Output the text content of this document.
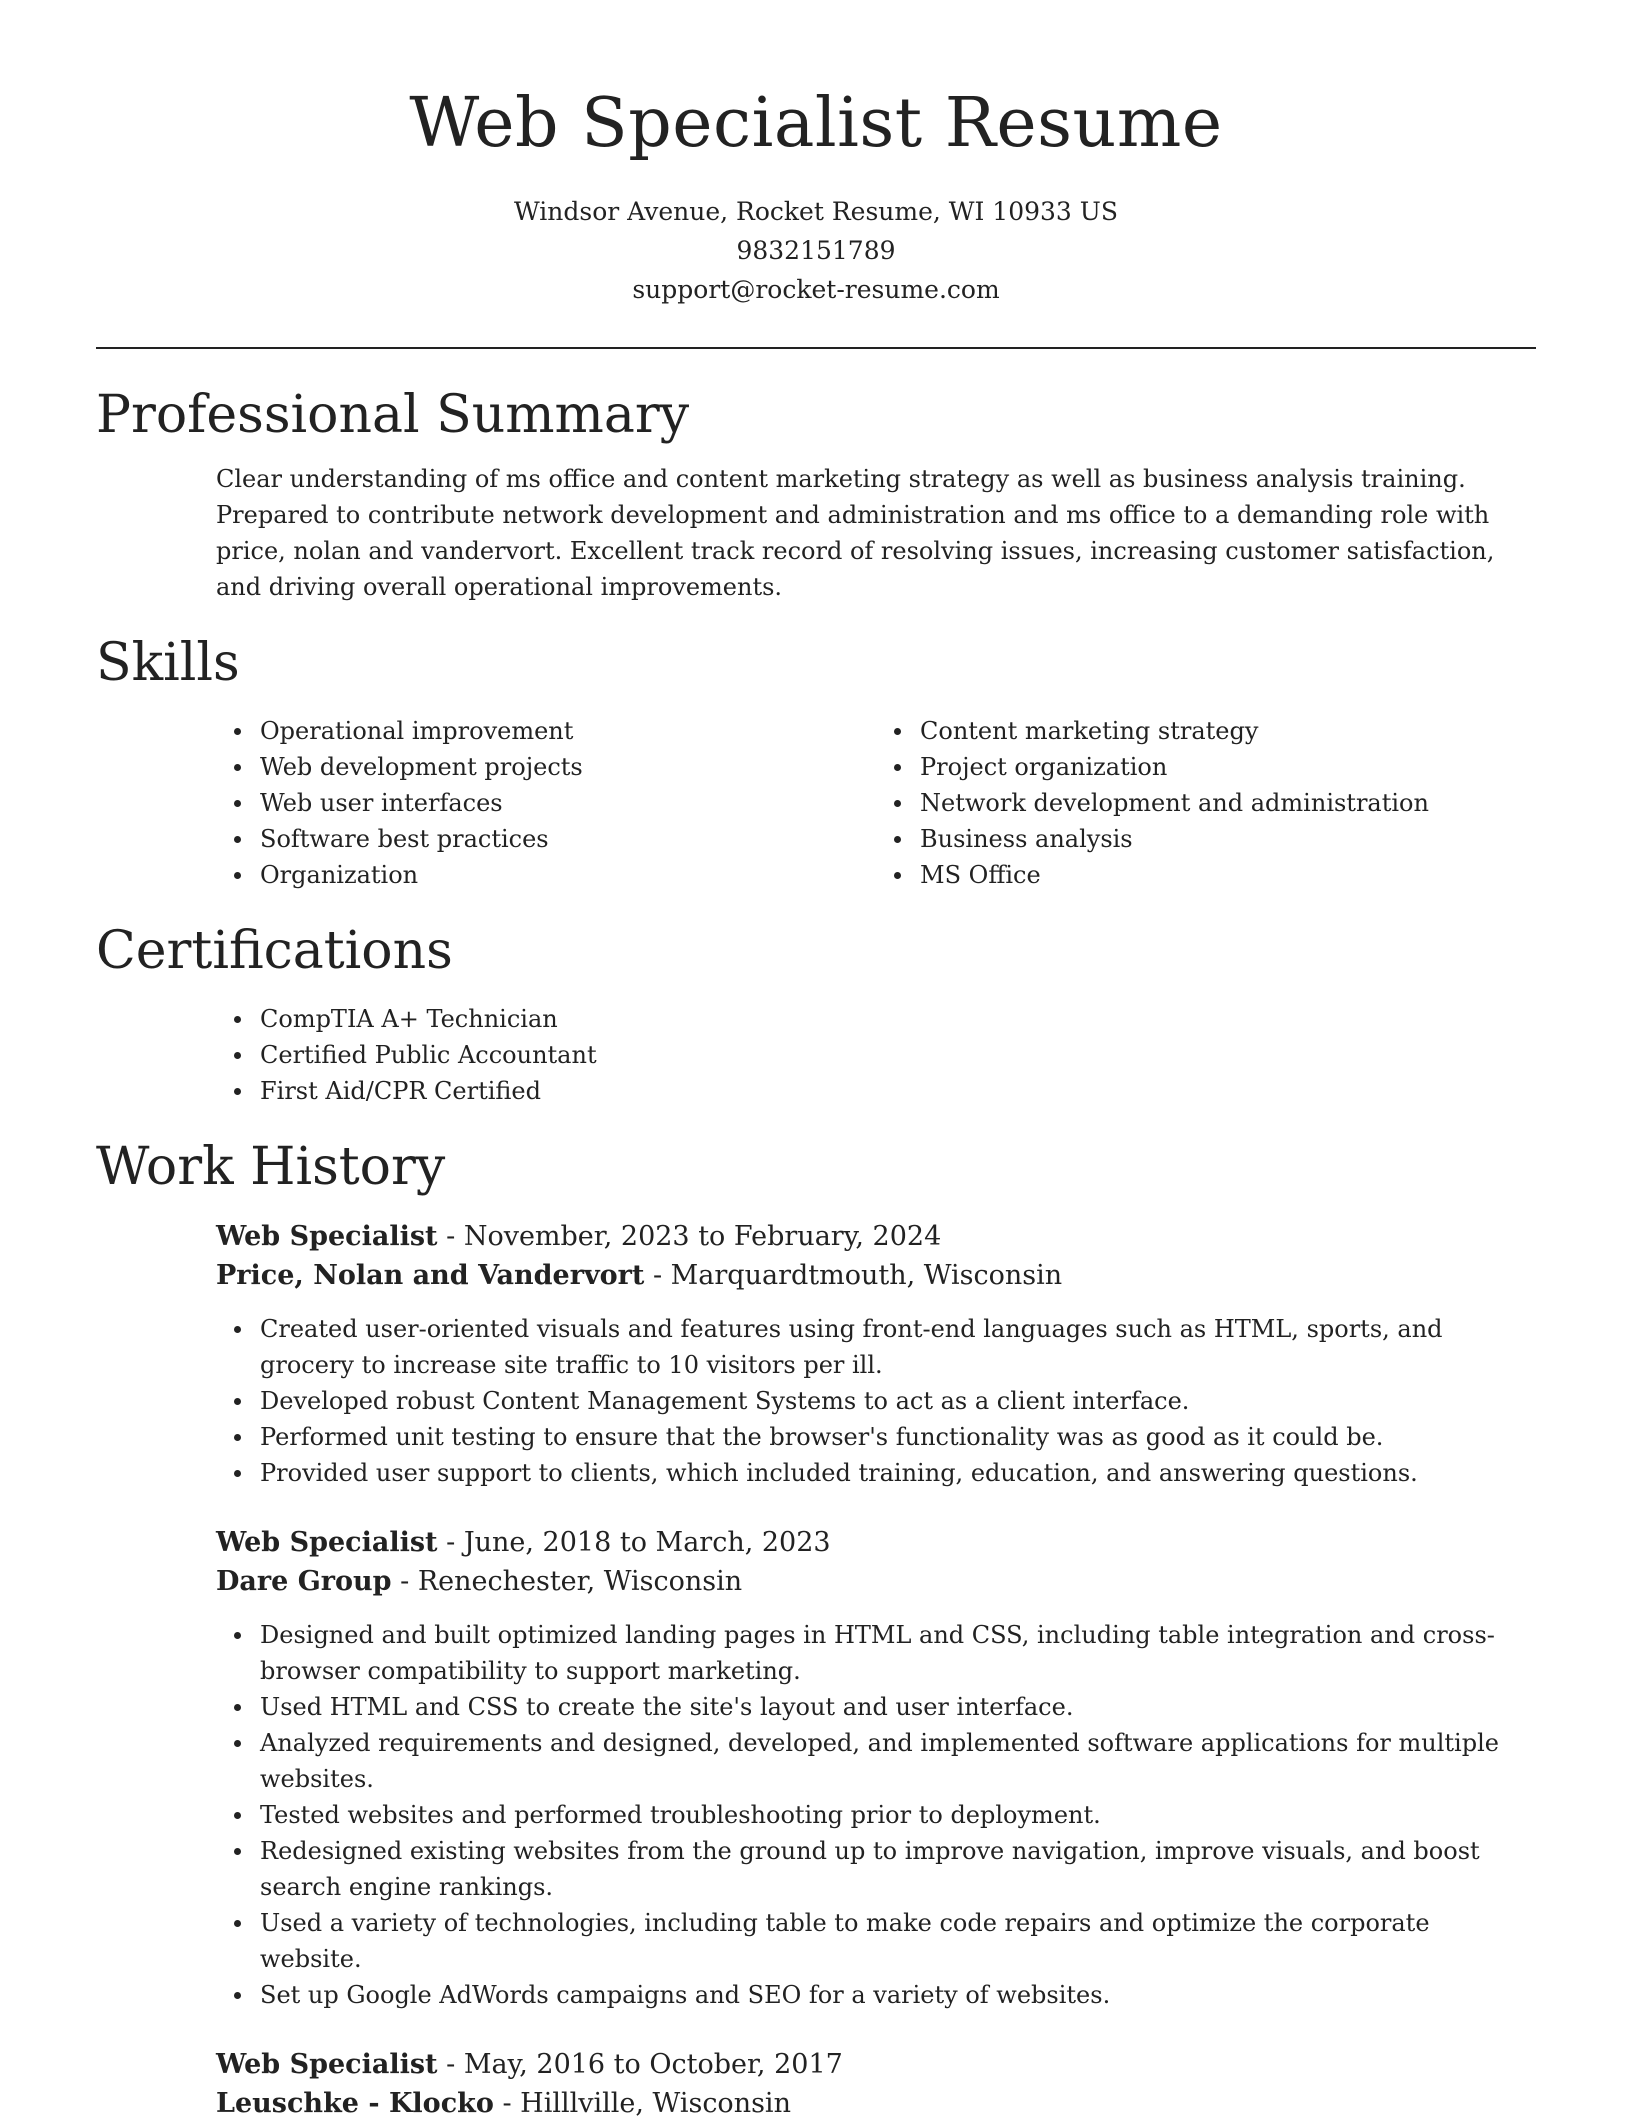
Web Specialist Resume

Windsor Avenue, Rocket Resume, WI 10933 US

9832151789

support@rocket-resume.com

Professional Summary

Clear understanding of ms office and content marketing strategy as well as business analysis training. Prepared to contribute network development and administration and ms office to a demanding role with price, nolan and vandervort. Excellent track record of resolving issues, increasing customer satisfaction, and driving overall operational improvements.

Skills
Operational improvement
Web development projects
Web user interfaces
Software best practices
Organization
Content marketing strategy
Project organization
Network development and administration
Business analysis
MS Office
Certifications
CompTIA A+ Technician
Certified Public Accountant
First Aid/CPR Certified
Work History

Web Specialist - November, 2023 to February, 2024

Price, Nolan and Vandervort - Marquardtmouth, Wisconsin

Created user-oriented visuals and features using front-end languages such as HTML, sports, and grocery to increase site traffic to 10 visitors per ill.
Developed robust Content Management Systems to act as a client interface.
Performed unit testing to ensure that the browser's functionality was as good as it could be.
Provided user support to clients, which included training, education, and answering questions.

Web Specialist - June, 2018 to March, 2023

Dare Group - Renechester, Wisconsin

Designed and built optimized landing pages in HTML and CSS, including table integration and cross-browser compatibility to support marketing.
Used HTML and CSS to create the site's layout and user interface.
Analyzed requirements and designed, developed, and implemented software applications for multiple websites.
Tested websites and performed troubleshooting prior to deployment.
Redesigned existing websites from the ground up to improve navigation, improve visuals, and boost search engine rankings.
Used a variety of technologies, including table to make code repairs and optimize the corporate website.
Set up Google AdWords campaigns and SEO for a variety of websites.

Web Specialist - May, 2016 to October, 2017

Leuschke - Klocko - Hilllville, Wisconsin
